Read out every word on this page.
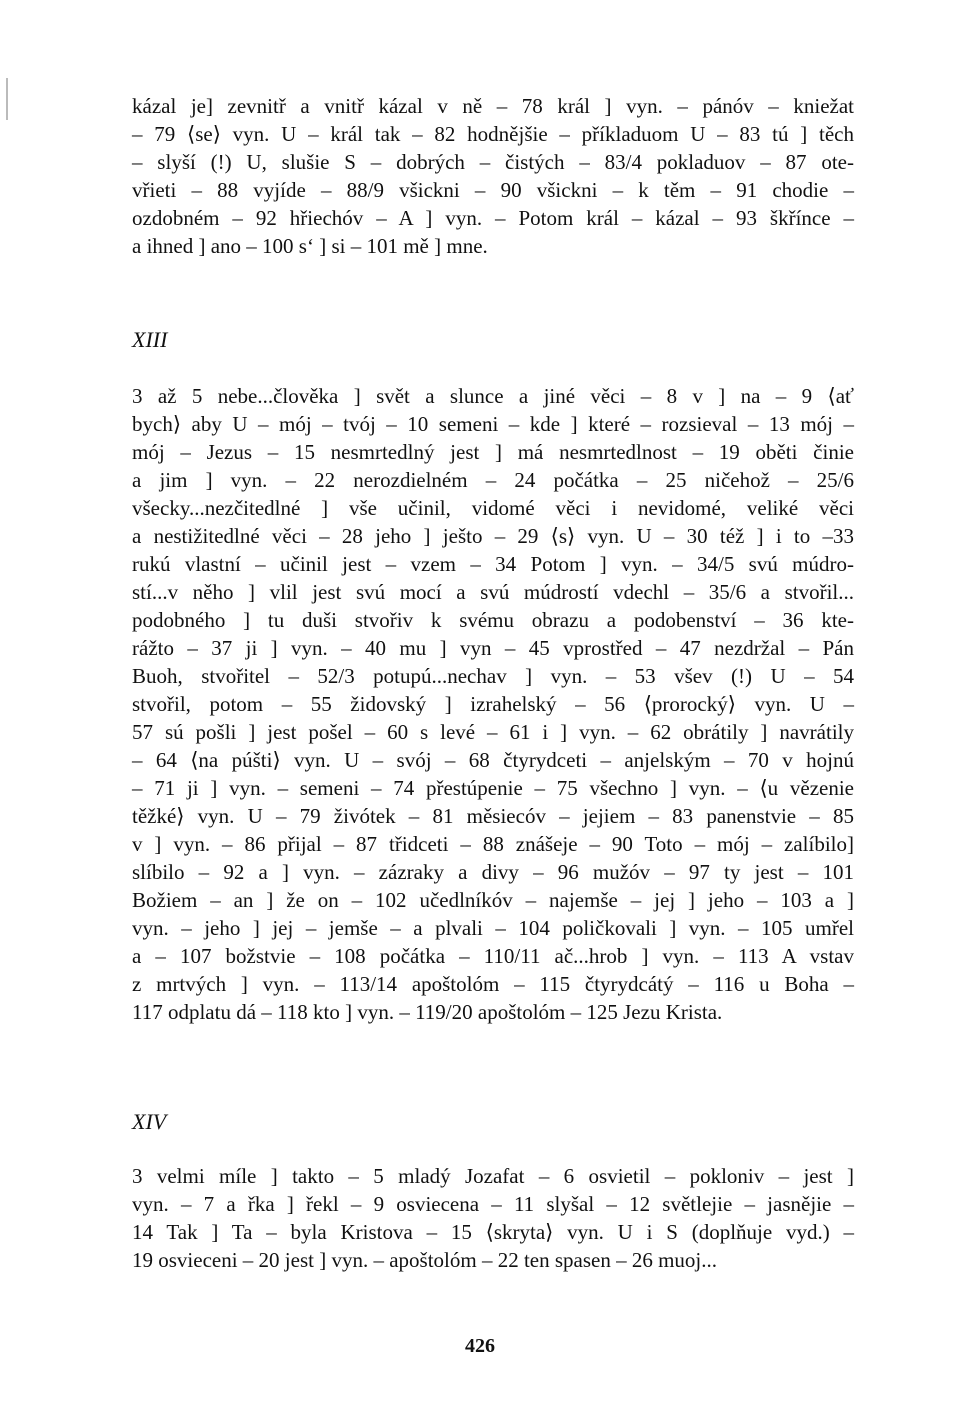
kázal je] zevnitř a vnitř kázal v ně – 78 král ] vyn. – pánóv – kniežat
– 79 ⟨se⟩ vyn. U – král tak – 82 hodnějšie – příkladuom U – 83 tú ] těch
– slyší (!) U, slušie S – dobrých – čistých – 83/4 pokladuov – 87 ote-
vřieti – 88 vyjíde – 88/9 všickni – 90 všickni – k těm – 91 chodie –
ozdobném – 92 hřiechóv – A ] vyn. – Potom král – kázal – 93 škřínce –
a ihned ] ano – 100 s‘ ] si – 101 mě ] mne.
XIII
3 až 5 nebe...člověka ] svět a slunce a jiné věci – 8 v ] na – 9 ⟨ať
bych⟩ aby U – mój – tvój – 10 semeni – kde ] které – rozsieval – 13 mój –
mój – Jezus – 15 nesmrtedlný jest ] má nesmrtedlnost – 19 oběti činie
a jim ] vyn. – 22 nerozdielném – 24 počátka – 25 ničehož – 25/6
všecky...nezčitedlné ] vše učinil, vidomé věci i nevidomé, veliké věci
a nestižitedlné věci – 28 jeho ] ješto – 29 ⟨s⟩ vyn. U – 30 též ] i to –33
rukú vlastní – učinil jest – vzem – 34 Potom ] vyn. – 34/5 svú múdro-
stí...v něho ] vlil jest svú mocí a svú múdrostí vdechl – 35/6 a stvořil...
podobného ] tu duši stvořiv k svému obrazu a podobenství – 36 kte-
rážto – 37 ji ] vyn. – 40 mu ] vyn – 45 vprostřed – 47 nezdržal – Pán
Buoh, stvořitel – 52/3 potupú...nechav ] vyn. – 53 všev (!) U – 54
stvořil, potom – 55 židovský ] izrahelský – 56 ⟨prorocký⟩ vyn. U –
57 sú pošli ] jest pošel – 60 s levé – 61 i ] vyn. – 62 obrátily ] navrátily
– 64 ⟨na púšti⟩ vyn. U – svój – 68 čtyrydceti – anjelským – 70 v hojnú
– 71 ji ] vyn. – semeni – 74 přestúpenie – 75 všechno ] vyn. – ⟨u vězenie
těžké⟩ vyn. U – 79 živótek – 81 měsiecóv – jejiem – 83 panenstvie – 85
v ] vyn. – 86 přijal – 87 třidceti – 88 znášeje – 90 Toto – mój – zalíbilo]
slíbilo – 92 a ] vyn. – zázraky a divy – 96 mužóv – 97 ty jest – 101
Božiem – an ] že on – 102 učedlníkóv – najemše – jej ] jeho – 103 a ]
vyn. – jeho ] jej – jemše – a plvali – 104 poličkovali ] vyn. – 105 umřel
a – 107 božstvie – 108 počátka – 110/11 ač...hrob ] vyn. – 113 A vstav
z mrtvých ] vyn. – 113/14 apoštolóm – 115 čtyrydcátý – 116 u Boha –
117 odplatu dá – 118 kto ] vyn. – 119/20 apoštolóm – 125 Jezu Krista.
XIV
3 velmi míle ] takto – 5 mladý Jozafat – 6 osvietil – pokloniv – jest ]
vyn. – 7 a řka ] řekl – 9 osviecena – 11 slyšal – 12 světlejie – jasnějie –
14 Tak ] Ta – byla Kristova – 15 ⟨skryta⟩ vyn. U i S (doplňuje vyd.) –
19 osvieceni – 20 jest ] vyn. – apoštolóm – 22 ten spasen – 26 muoj...
426
